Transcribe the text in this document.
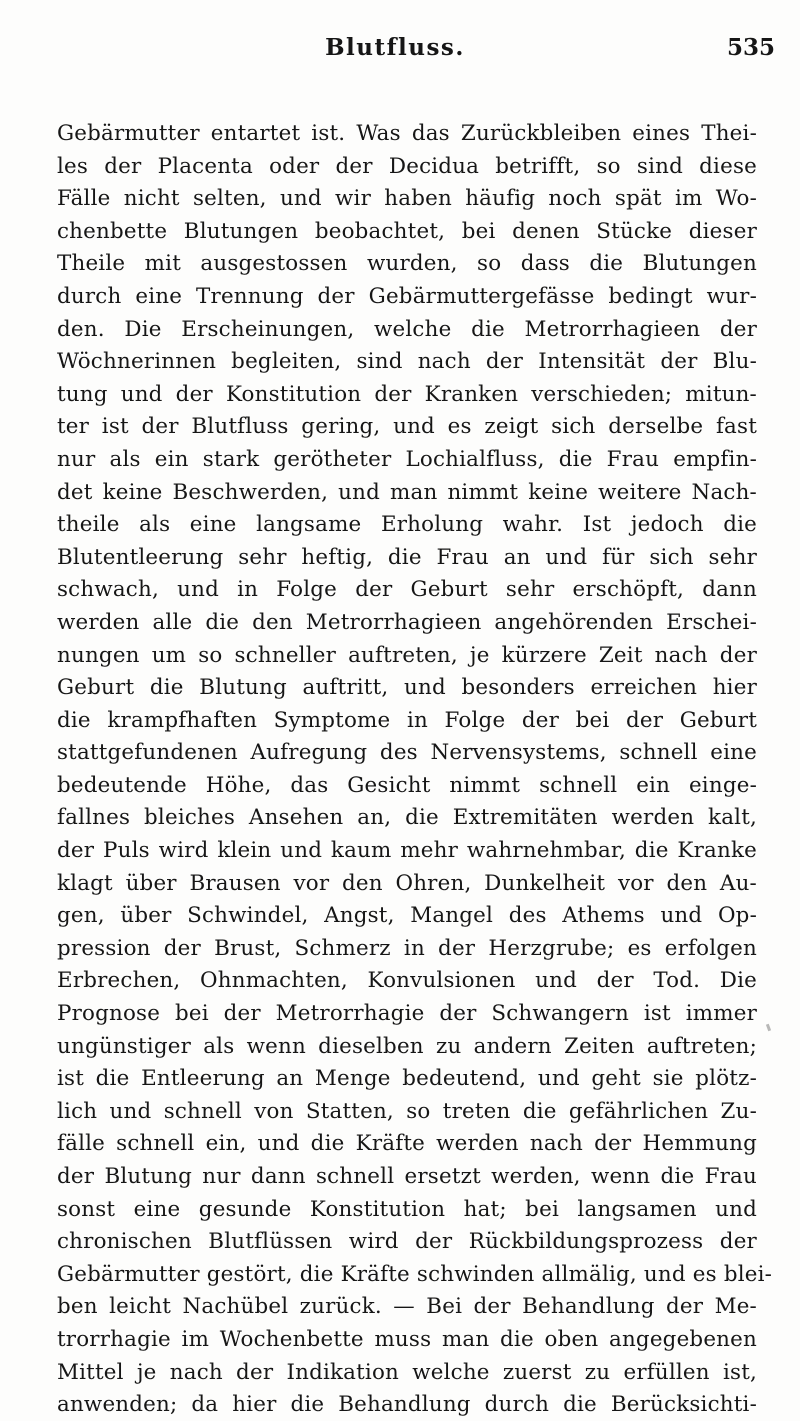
Blutfluss.	535
Gebärmutter entartet ist. Was das Zurückbleiben eines Thei-
les der Placenta oder der Decidua betrifft, so sind diese
Fälle nicht selten, und wir haben häufig noch spät im Wo-
chenbette Blutungen beobachtet, bei denen Stücke dieser
Theile mit ausgestossen wurden, so dass die Blutungen
durch eine Trennung der Gebärmuttergefässe bedingt wur-
den. Die Erscheinungen, welche die Metrorrhagieen der
Wöchnerinnen begleiten, sind nach der Intensität der Blu-
tung und der Konstitution der Kranken verschieden; mitun-
ter ist der Blutfluss gering, und es zeigt sich derselbe fast
nur als ein stark gerötheter Lochialfluss, die Frau empfin-
det keine Beschwerden, und man nimmt keine weitere Nach-
theile als eine langsame Erholung wahr. Ist jedoch die
Blutentleerung sehr heftig, die Frau an und für sich sehr
schwach, und in Folge der Geburt sehr erschöpft, dann
werden alle die den Metrorrhagieen angehörenden Erschei-
nungen um so schneller auftreten, je kürzere Zeit nach der
Geburt die Blutung auftritt, und besonders erreichen hier
die krampfhaften Symptome in Folge der bei der Geburt
stattgefundenen Aufregung des Nervensystems, schnell eine
bedeutende Höhe, das Gesicht nimmt schnell ein einge-
fallnes bleiches Ansehen an, die Extremitäten werden kalt,
der Puls wird klein und kaum mehr wahrnehmbar, die Kranke
klagt über Brausen vor den Ohren, Dunkelheit vor den Au-
gen, über Schwindel, Angst, Mangel des Athems und Op-
pression der Brust, Schmerz in der Herzgrube; es erfolgen
Erbrechen, Ohnmachten, Konvulsionen und der Tod. Die
Prognose bei der Metrorrhagie der Schwangern ist immer
ungünstiger als wenn dieselben zu andern Zeiten auftreten;
ist die Entleerung an Menge bedeutend, und geht sie plötz-
lich und schnell von Statten, so treten die gefährlichen Zu-
fälle schnell ein, und die Kräfte werden nach der Hemmung
der Blutung nur dann schnell ersetzt werden, wenn die Frau
sonst eine gesunde Konstitution hat; bei langsamen und
chronischen Blutflüssen wird der Rückbildungsprozess der
Gebärmutter gestört, die Kräfte schwinden allmälig, und es blei-
ben leicht Nachübel zurück. — Bei der Behandlung der Me-
trorrhagie im Wochenbette muss man die oben angegebenen
Mittel je nach der Indikation welche zuerst zu erfüllen ist,
anwenden; da hier die Behandlung durch die Berücksichti-
